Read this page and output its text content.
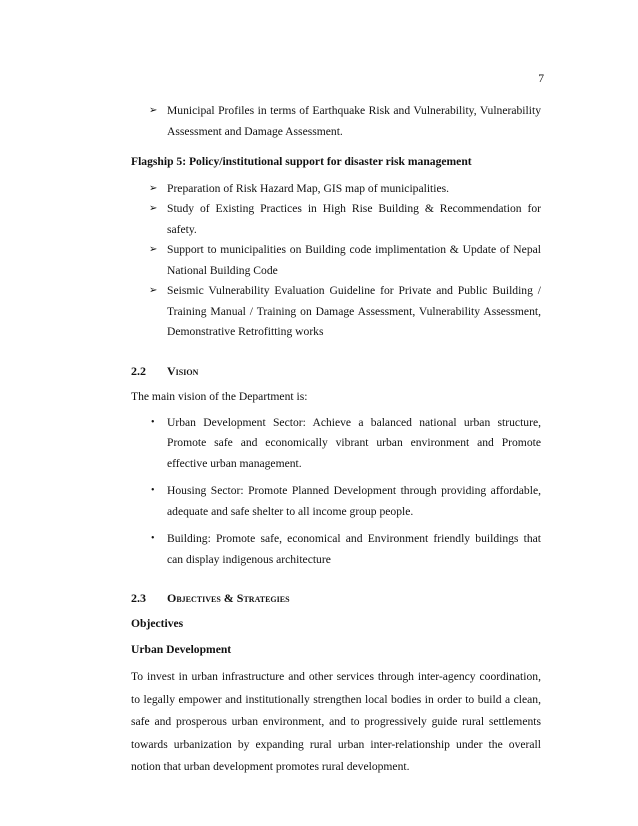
7
➢ Municipal Profiles in terms of Earthquake Risk and Vulnerability, Vulnerability Assessment and Damage Assessment.
Flagship 5: Policy/institutional support for disaster risk management
➢ Preparation of Risk Hazard Map, GIS map of municipalities.
➢ Study of Existing Practices in High Rise Building & Recommendation for safety.
➢ Support to municipalities on Building code implimentation & Update of Nepal National Building Code
➢ Seismic Vulnerability Evaluation Guideline for Private and Public Building / Training Manual / Training on Damage Assessment, Vulnerability Assessment, Demonstrative Retrofitting works
2.2 Vision

The main vision of the Department is:

• Urban Development Sector: Achieve a balanced national urban structure, Promote safe and economically vibrant urban environment and Promote effective urban management.
• Housing Sector: Promote Planned Development through providing affordable, adequate and safe shelter to all income group people.
• Building: Promote safe, economical and Environment friendly buildings that can display indigenous architecture
2.3 Objectives & Strategies
Objectives
Urban Development

To invest in urban infrastructure and other services through inter-agency coordination, to legally empower and institutionally strengthen local bodies in order to build a clean, safe and prosperous urban environment, and to progressively guide rural settlements towards urbanization by expanding rural urban inter-relationship under the overall notion that urban development promotes rural development.
